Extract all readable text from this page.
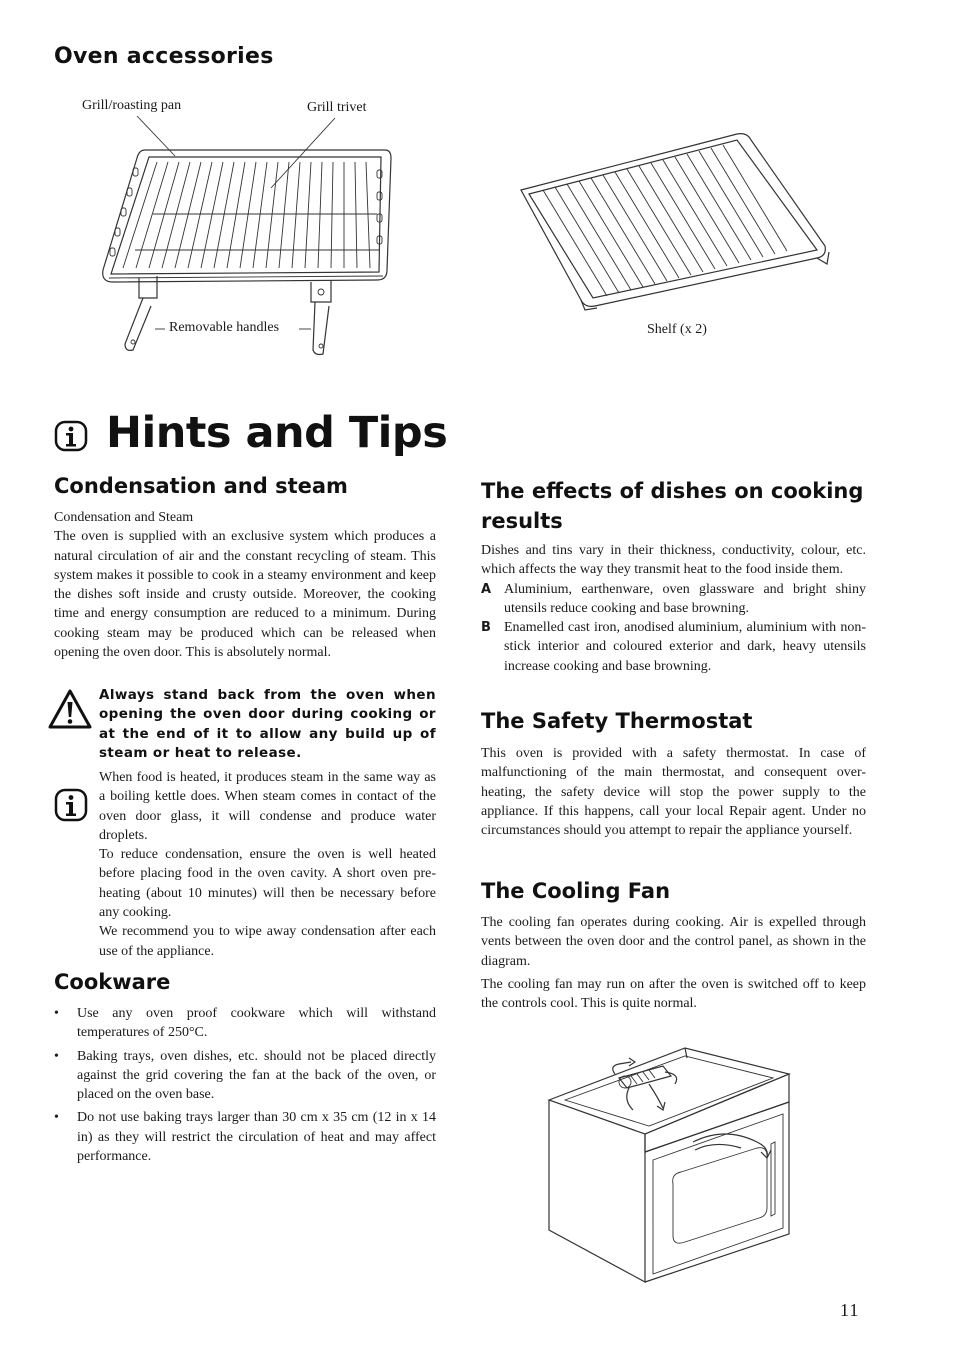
Oven accessories
Grill/roasting pan	Grill trivet
Removable handles	Shelf (x 2)
Hints and Tips
Condensation and steam
Condensation and Steam
The oven is supplied with an exclusive system which produces a natural circulation of air and the constant recycling of steam. This system makes it possible to cook in a steamy environment and keep the dishes soft inside and crusty outside. Moreover, the cooking time and energy consumption are reduced to a minimum. During cooking steam may be produced which can be released when opening the oven door. This is absolutely normal.
Always stand back from the oven when opening the oven door during cooking or at the end of it to allow any build up of steam or heat to release.
When food is heated, it produces steam in the same way as a boiling kettle does. When steam comes in contact of the oven door glass, it will condense and produce water droplets.
To reduce condensation, ensure the oven is well heated before placing food in the oven cavity. A short oven pre-heating (about 10 minutes) will then be necessary before any cooking.
We recommend you to wipe away condensation after each use of the appliance.
Cookware
• Use any oven proof cookware which will withstand temperatures of 250°C.
• Baking trays, oven dishes, etc. should not be placed directly against the grid covering the fan at the back of the oven, or placed on the oven base.
• Do not use baking trays larger than 30 cm x 35 cm (12 in x 14 in) as they will restrict the circulation of heat and may affect performance.
The effects of dishes on cooking results
Dishes and tins vary in their thickness, conductivity, colour, etc. which affects the way they transmit heat to the food inside them.
A Aluminium, earthenware, oven glassware and bright shiny utensils reduce cooking and base browning.
B Enamelled cast iron, anodised aluminium, aluminium with non-stick interior and coloured exterior and dark, heavy utensils increase cooking and base browning.
The Safety Thermostat
This oven is provided with a safety thermostat. In case of malfunctioning of the main thermostat, and consequent over-heating, the safety device will stop the power supply to the appliance. If this happens, call your local Repair agent. Under no circumstances should you attempt to repair the appliance yourself.
The Cooling Fan
The cooling fan operates during cooking. Air is expelled through vents between the oven door and the control panel, as shown in the diagram.
The cooling fan may run on after the oven is switched off to keep the controls cool. This is quite normal.
11
